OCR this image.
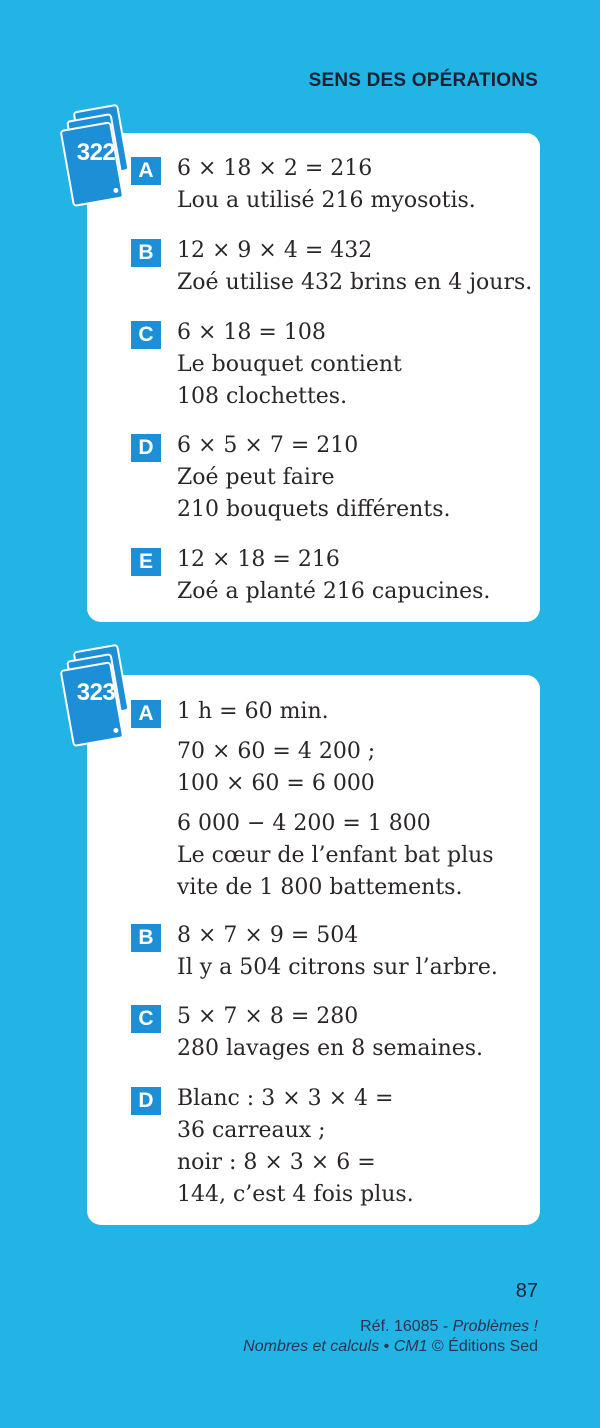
SENS DES OPÉRATIONS
A	6 × 18 × 2 = 216
Lou a utilisé 216 myosotis.
B	12 × 9 × 4 = 432
Zoé utilise 432 brins en 4 jours.
C	6 × 18 = 108
Le bouquet contient
108 clochettes.
D	6 × 5 × 7 = 210
Zoé peut faire
210 bouquets différents.
E	12 × 18 = 216
Zoé a planté 216 capucines.
322
A	1 h = 60 min.
70 × 60 = 4 200 ;
100 × 60 = 6 000
6 000 − 4 200 = 1 800
Le cœur de l’enfant bat plus
vite de 1 800 battements.
B	8 × 7 × 9 = 504
Il y a 504 citrons sur l’arbre.
C	5 × 7 × 8 = 280
280 lavages en 8 semaines.
D	Blanc : 3 × 3 × 4 =
36 carreaux ;
noir : 8 × 3 × 6 =
144, c’est 4 fois plus.
323
87
Réf. 16085 - Problèmes !
Nombres et calculs • CM1 © Éditions Sed
